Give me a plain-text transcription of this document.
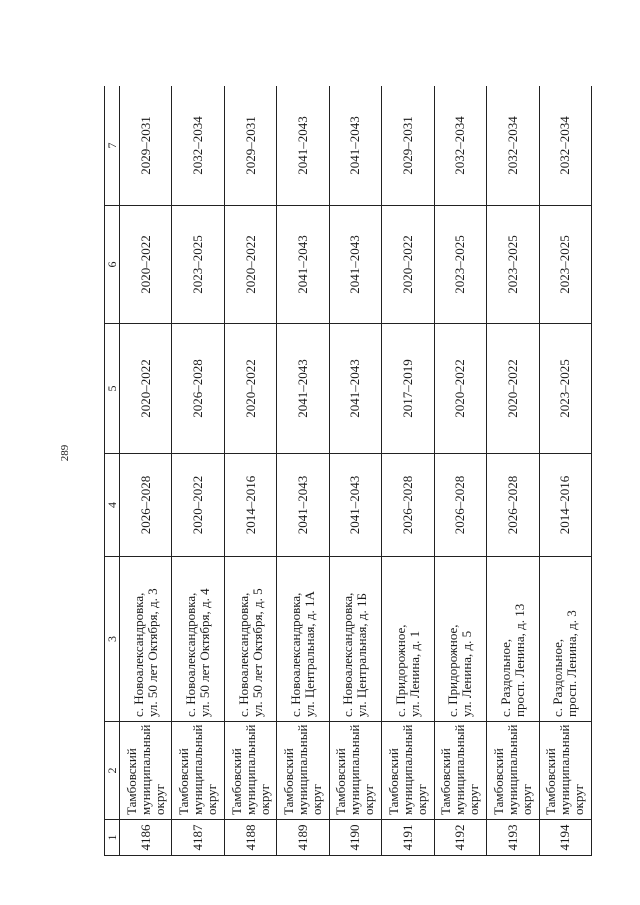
289
1	2	3	4	5	6	7
4186	Тамбовский муниципальный округ	с. Новоалександровка, ул. 50 лет Октября, д. 3	2026–2028	2020–2022	2020–2022	2029–2031
4187	Тамбовский муниципальный округ	с. Новоалександровка, ул. 50 лет Октября, д. 4	2020–2022	2026–2028	2023–2025	2032–2034
4188	Тамбовский муниципальный округ	с. Новоалександровка, ул. 50 лет Октября, д. 5	2014–2016	2020–2022	2020–2022	2029–2031
4189	Тамбовский муниципальный округ	с. Новоалександровка, ул. Центральная, д. 1А	2041–2043	2041–2043	2041–2043	2041–2043
4190	Тамбовский муниципальный округ	с. Новоалександровка, ул. Центральная, д. 1Б	2041–2043	2041–2043	2041–2043	2041–2043
4191	Тамбовский муниципальный округ	с. Придорожное, ул. Ленина, д. 1	2026–2028	2017–2019	2020–2022	2029–2031
4192	Тамбовский муниципальный округ	с. Придорожное, ул. Ленина, д. 5	2026–2028	2020–2022	2023–2025	2032–2034
4193	Тамбовский муниципальный округ	с. Раздольное, просп. Ленина, д. 13	2026–2028	2020–2022	2023–2025	2032–2034
4194	Тамбовский муниципальный округ	с. Раздольное, просп. Ленина, д. 3	2014–2016	2023–2025	2023–2025	2032–2034
